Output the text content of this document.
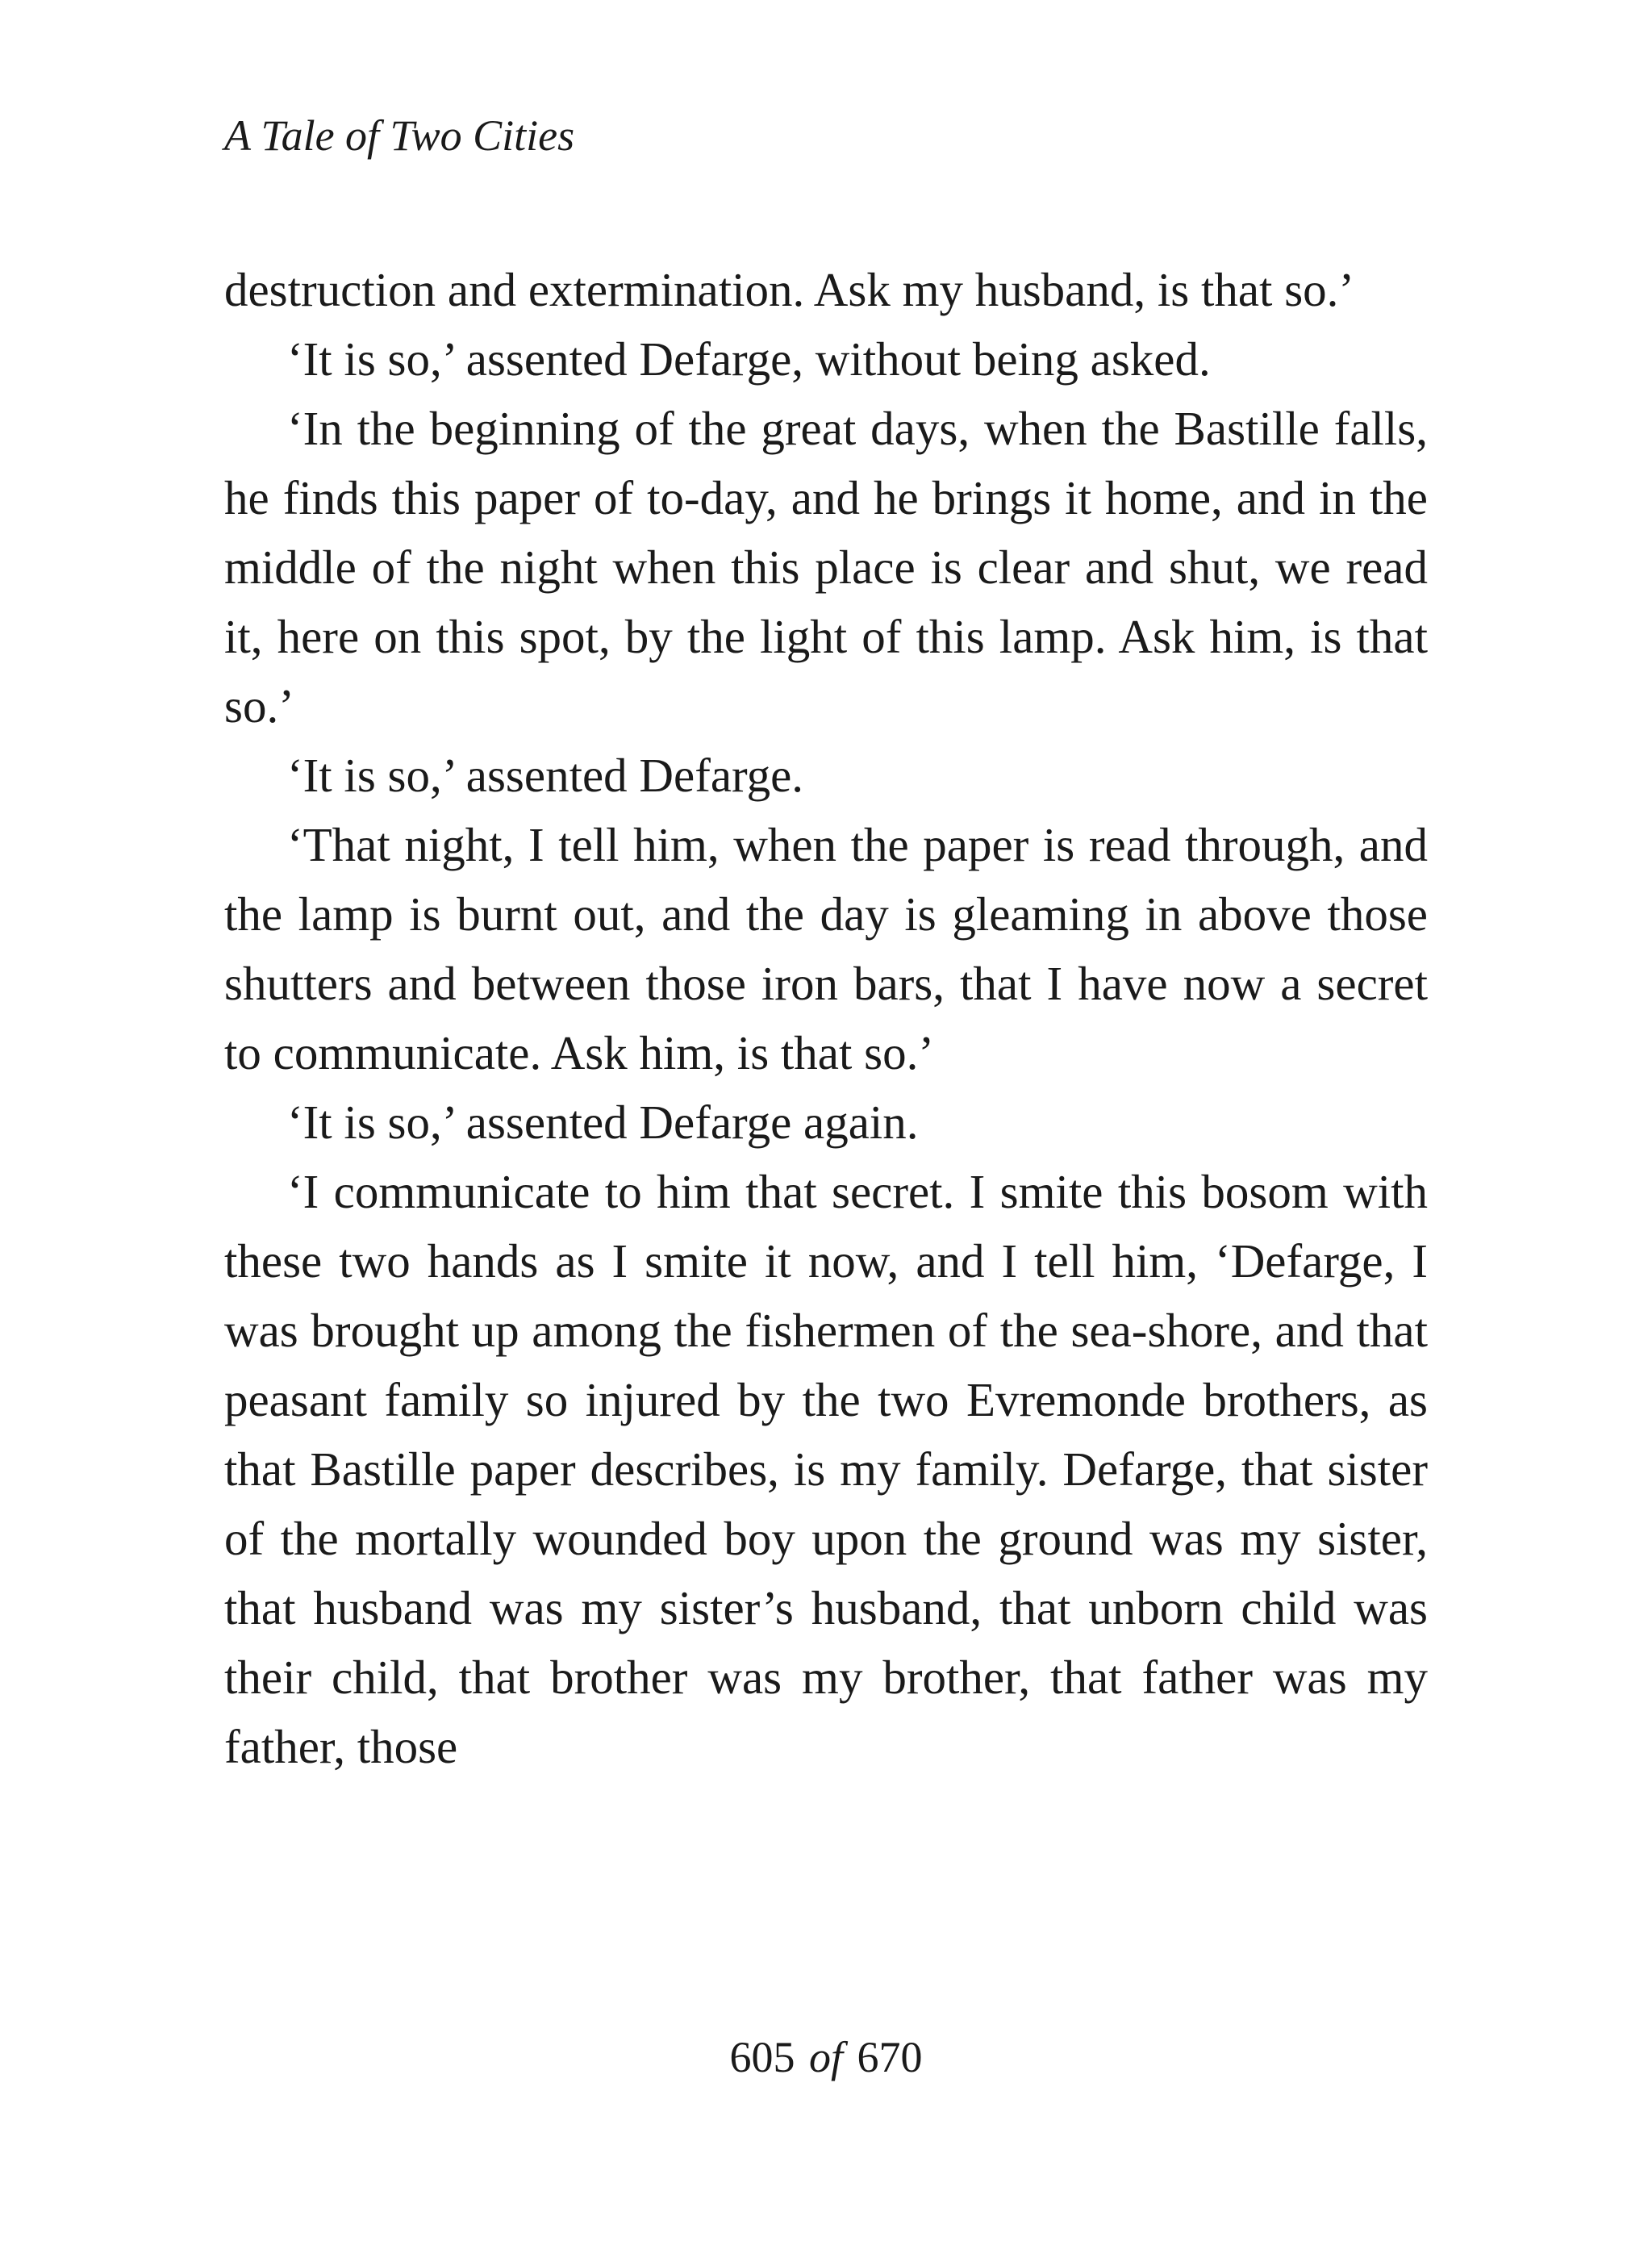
A Tale of Two Cities

destruction and extermination. Ask my husband, is that so.’

‘It is so,’ assented Defarge, without being asked.

‘In the beginning of the great days, when the Bastille falls, he finds this paper of to-day, and he brings it home, and in the middle of the night when this place is clear and shut, we read it, here on this spot, by the light of this lamp. Ask him, is that so.’

‘It is so,’ assented Defarge.

‘That night, I tell him, when the paper is read through, and the lamp is burnt out, and the day is gleaming in above those shutters and between those iron bars, that I have now a secret to communicate. Ask him, is that so.’

‘It is so,’ assented Defarge again.

‘I communicate to him that secret. I smite this bosom with these two hands as I smite it now, and I tell him, ‘Defarge, I was brought up among the fishermen of the sea-shore, and that peasant family so injured by the two Evremonde brothers, as that Bastille paper describes, is my family. Defarge, that sister of the mortally wounded boy upon the ground was my sister, that husband was my sister’s husband, that unborn child was their child, that brother was my brother, that father was my father, those

605 of 670
